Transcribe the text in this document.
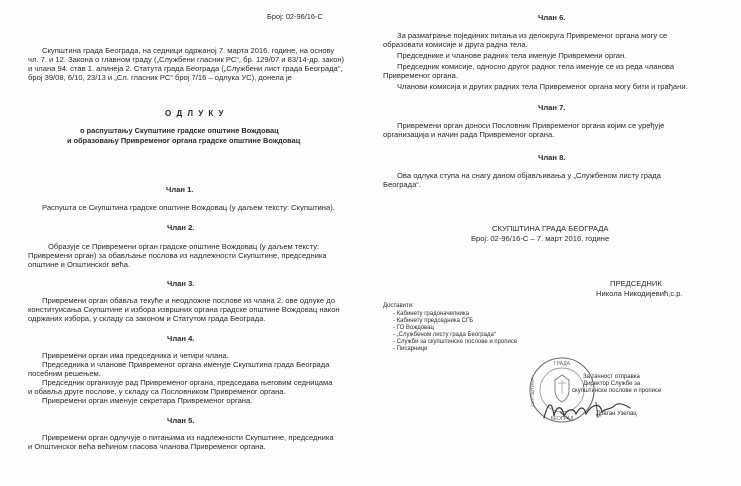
Број: 02-96/16-С
Скупштина града Београда, на седници одржаној 7. марта 2016. године, на основу
чл. 7. и 12. Закона о главном граду („Службени гласник РС“, бр. 129/07 и 83/14-др. закон)
и члана 94. став 1. алинеја 2. Статута града Београда („Службени лист града Београда“,
број 39/08, 6/10, 23/13 и „Сл. гласник РС“ број 7/16 – одлука УС), донела је
О Д Л У К У
о распуштању Скупштине градске општине Вождовац
и образовању Привременог органа градске општине Вождовац
Члан 1.
Распушта се Скупштина градске општине Вождовац (у даљем тексту: Скупштина).
Члан 2.
Образује се Привремени орган градске општине Вождовац (у даљем тексту:
Привремени орган) за обављање послова из надлежности Скупштине, председника
општине и Општинског већа.
Члан 3.
Привремени орган обавља текуће и неодложне послове из члана 2. ове одлуке до
конституисања Скупштине и избора извршних органа градске општине Вождовац након
одржаних избора, у складу са законом и Статутом града Београда.
Члан 4.
Привремени орган има председника и четири члана.
Председника и чланове Привременог органа именује Скупштина града Београда
посебним решењем.
Председник организује рад Привременог органа, председава његовим седницама
и обавља друге послове, у складу са Пословником Привременог органа.
Привремени орган именује секретара Привременог органа.
Члан 5.
Привремени орган одлучује о питањима из надлежности Скупштине, председника
и Општинског већа већином гласова чланова Привременог органа.
Члан 6.
За разматрање појединих питања из делокруга Привременог органа могу се
образовати комисије и друга радна тела.
Председнике и чланове радних тела именује Привремени орган.
Председник комисије, односно другог радног тела именује се из реда чланова
Привременог органа.
Чланови комисија и других радних тела Привременог органа могу бити и грађани.
Члан 7.
Привремени орган доноси Пословник Привременог органа којим се уређује
организација и начин рада Привременог органа.
Члан 8.
Ова одлука ступа на снагу даном објављивања у „Службеном листу града
Београда“.
СКУПШТИНА ГРАДА БЕОГРАДА
Број: 02-96/16-С – 7. март 2016. године
ПРЕДСЕДНИК
Никола Никодијевић,с.р.
Доставити:
- Кабинету градоначелника
- Кабинету председника СГБ
- ГО Вождовац
- „Службеном листу града Београда“
- Служби за скупштинске послове и прописе
- Писарници
За тачност отправка
Директор Службе за
скупштинске послове и прописе
Драган Узелац
ГРАДА
СКУПШТИНА
БЕОГРАД
